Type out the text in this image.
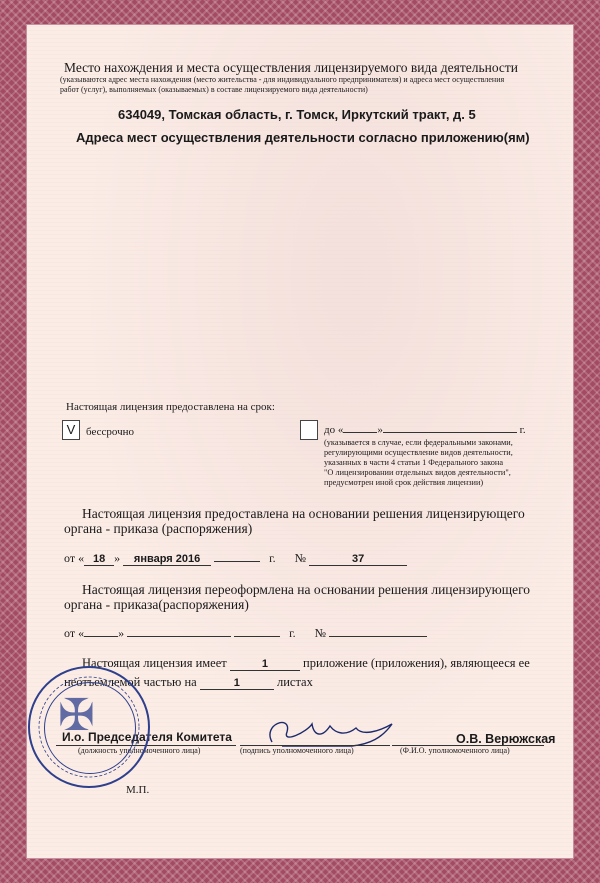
Место нахождения и места осуществления лицензируемого вида деятельности
(указываются адрес места нахождения (место жительства - для индивидуального предпринимателя) и адреса мест осуществления
работ (услуг), выполняемых (оказываемых) в составе лицензируемого вида деятельности)
634049, Томская область, г. Томск, Иркутский тракт, д. 5
Адреса мест осуществления деятельности согласно приложению(ям)
Настоящая лицензия предоставлена на срок:
V бессрочно	до «	»	г.
(указывается в случае, если федеральными законами,
регулирующими осуществление видов деятельности,
указанных в части 4 статьи 1 Федерального закона
"О лицензировании отдельных видов деятельности",
предусмотрен иной срок действия лицензии)
Настоящая лицензия предоставлена на основании решения лицензирующего
органа - приказа (распоряжения)
от « 18 » января 2016	г. №	37
Настоящая лицензия переоформлена на основании решения лицензирующего
органа - приказа(распоряжения)
от «	»	г. №
Настоящая лицензия имеет	1	приложение (приложения), являющееся ее
неотъемлемой частью на	1	листах
И.о. Председателя Комитета
(должность уполномоченного лица)	(подпись уполномоченного лица)
О.В. Верюжская
(Ф.И.О. уполномоченного лица)
М.П.
✠
